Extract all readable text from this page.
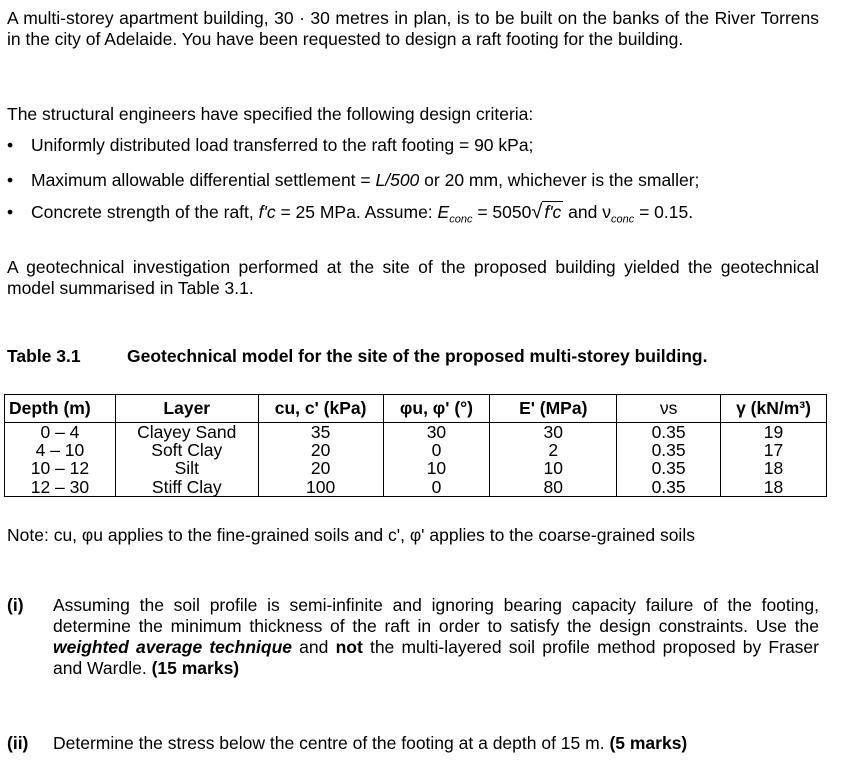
A multi-storey apartment building, 30 · 30 metres in plan, is to be built on the banks of the River Torrens in the city of Adelaide. You have been requested to design a raft footing for the building.

The structural engineers have specified the following design criteria:

• Uniformly distributed load transferred to the raft footing = 90 kPa;
• Maximum allowable differential settlement = L/500 or 20 mm, whichever is the smaller;
• Concrete strength of the raft, f'c = 25 MPa. Assume: $E_{conc} = 5050√$ f'c and $\nu_{conc} = 0.15$.

A geotechnical investigation performed at the site of the proposed building yielded the geotechnical model summarised in Table 3.1.

Table 3.1	Geotechnical model for the site of the proposed multi-storey building.
Depth (m)	Layer	cu, c' (kPa)	φu, φ' (°)	E' (MPa)	νs	γ (kN/m³)
0 – 4	Clayey Sand	35	30	30	0.35	19
4 – 10	Soft Clay	20	0	2	0.35	17
10 – 12	Silt	20	10	10	0.35	18
12 – 30	Stiff Clay	100	0	80	0.35	18
Note: cu, φu applies to the fine-grained soils and c', φ' applies to the coarse-grained soils
(i) Assuming the soil profile is semi-infinite and ignoring bearing capacity failure of the footing, determine the minimum thickness of the raft in order to satisfy the design constraints. Use the weighted average technique and not the multi-layered soil profile method proposed by Fraser and Wardle. (15 marks)
(ii) Determine the stress below the centre of the footing at a depth of 15 m. (5 marks)
